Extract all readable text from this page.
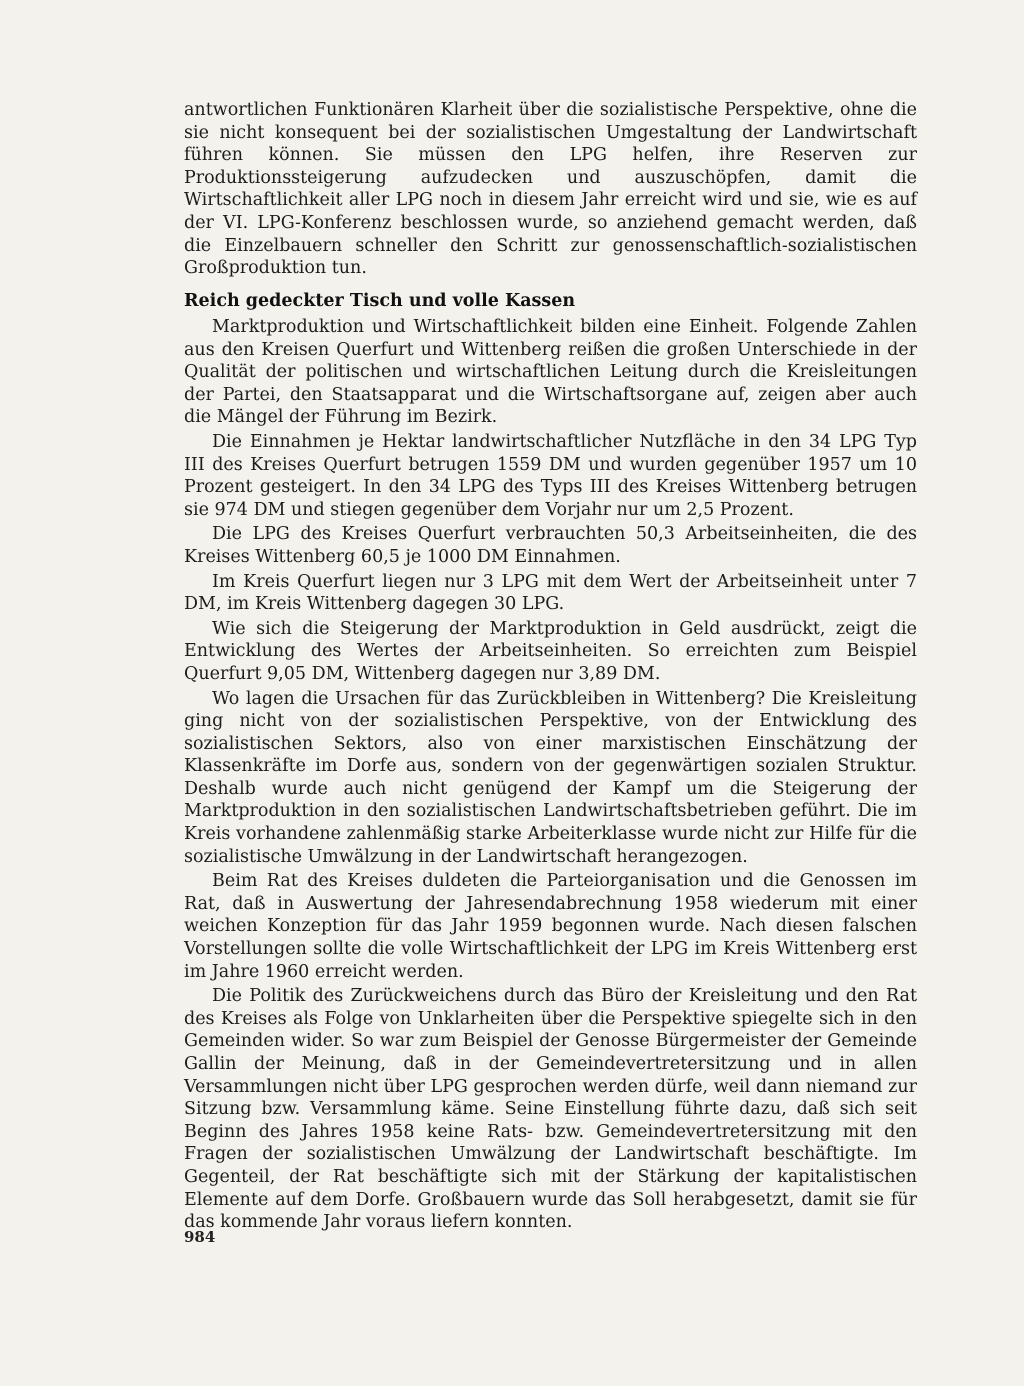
antwortlichen Funktionären Klarheit über die sozialistische Perspektive, ohne die sie nicht konsequent bei der sozialistischen Umgestaltung der Landwirtschaft führen können. Sie müssen den LPG helfen, ihre Reserven zur Produktionssteigerung aufzudecken und auszuschöpfen, damit die Wirtschaftlichkeit aller LPG noch in diesem Jahr erreicht wird und sie, wie es auf der VI. LPG-Konferenz beschlossen wurde, so anziehend gemacht werden, daß die Einzelbauern schneller den Schritt zur genossenschaftlich-sozialistischen Großproduktion tun.

Reich gedeckter Tisch und volle Kassen

Marktproduktion und Wirtschaftlichkeit bilden eine Einheit. Folgende Zahlen aus den Kreisen Querfurt und Wittenberg reißen die großen Unterschiede in der Qualität der politischen und wirtschaftlichen Leitung durch die Kreisleitungen der Partei, den Staatsapparat und die Wirtschaftsorgane auf, zeigen aber auch die Mängel der Führung im Bezirk.

Die Einnahmen je Hektar landwirtschaftlicher Nutzfläche in den 34 LPG Typ III des Kreises Querfurt betrugen 1559 DM und wurden gegenüber 1957 um 10 Prozent gesteigert. In den 34 LPG des Typs III des Kreises Wittenberg betrugen sie 974 DM und stiegen gegenüber dem Vorjahr nur um 2,5 Prozent.

Die LPG des Kreises Querfurt verbrauchten 50,3 Arbeitseinheiten, die des Kreises Wittenberg 60,5 je 1000 DM Einnahmen.

Im Kreis Querfurt liegen nur 3 LPG mit dem Wert der Arbeitseinheit unter 7 DM, im Kreis Wittenberg dagegen 30 LPG.

Wie sich die Steigerung der Marktproduktion in Geld ausdrückt, zeigt die Entwicklung des Wertes der Arbeitseinheiten. So erreichten zum Beispiel Querfurt 9,05 DM, Wittenberg dagegen nur 3,89 DM.

Wo lagen die Ursachen für das Zurückbleiben in Wittenberg? Die Kreisleitung ging nicht von der sozialistischen Perspektive, von der Entwicklung des sozialistischen Sektors, also von einer marxistischen Einschätzung der Klassenkräfte im Dorfe aus, sondern von der gegenwärtigen sozialen Struktur. Deshalb wurde auch nicht genügend der Kampf um die Steigerung der Marktproduktion in den sozialistischen Landwirtschaftsbetrieben geführt. Die im Kreis vorhandene zahlenmäßig starke Arbeiterklasse wurde nicht zur Hilfe für die sozialistische Umwälzung in der Landwirtschaft herangezogen.

Beim Rat des Kreises duldeten die Parteiorganisation und die Genossen im Rat, daß in Auswertung der Jahresendabrechnung 1958 wiederum mit einer weichen Konzeption für das Jahr 1959 begonnen wurde. Nach diesen falschen Vorstellungen sollte die volle Wirtschaftlichkeit der LPG im Kreis Wittenberg erst im Jahre 1960 erreicht werden.

Die Politik des Zurückweichens durch das Büro der Kreisleitung und den Rat des Kreises als Folge von Unklarheiten über die Perspektive spiegelte sich in den Gemeinden wider. So war zum Beispiel der Genosse Bürgermeister der Gemeinde Gallin der Meinung, daß in der Gemeindevertretersitzung und in allen Versammlungen nicht über LPG gesprochen werden dürfe, weil dann niemand zur Sitzung bzw. Versammlung käme. Seine Einstellung führte dazu, daß sich seit Beginn des Jahres 1958 keine Rats- bzw. Gemeindevertretersitzung mit den Fragen der sozialistischen Umwälzung der Landwirtschaft beschäftigte. Im Gegenteil, der Rat beschäftigte sich mit der Stärkung der kapitalistischen Elemente auf dem Dorfe. Großbauern wurde das Soll herabgesetzt, damit sie für das kommende Jahr voraus liefern konnten.

984
